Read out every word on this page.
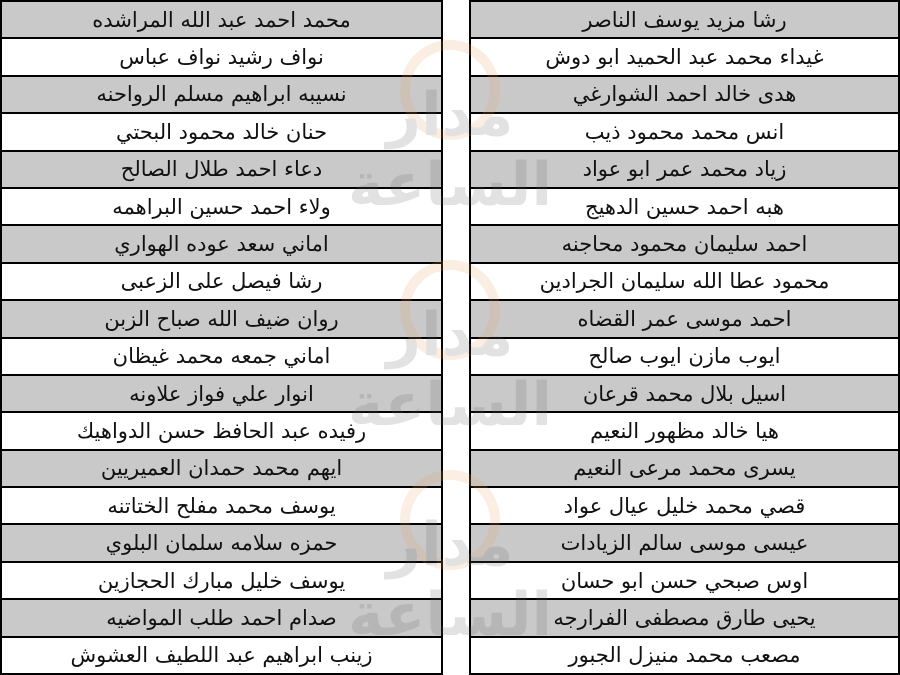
محمد احمد عبد الله المراشده
نواف رشيد نواف عباس
نسيبه ابراهيم مسلم الرواحنه
حنان خالد محمود البحتي
دعاء احمد طلال الصالح
ولاء احمد حسين البراهمه
اماني سعد عوده الهواري
رشا فيصل على الزعبى
روان ضيف الله صباح الزبن
اماني جمعه محمد غيظان
انوار علي فواز علاونه
رفيده عبد الحافظ حسن الدواهيك
ايهم محمد حمدان العميريين
يوسف محمد مفلح الختاتنه
حمزه سلامه سلمان البلوي
يوسف خليل مبارك الحجازين
صدام احمد طلب المواضيه
زينب ابراهيم عبد اللطيف العشوش
رشا مزيد يوسف الناصر
غيداء محمد عبد الحميد ابو دوش
هدى خالد احمد الشوارغي
انس محمد محمود ذيب
زياد محمد عمر ابو عواد
هبه احمد حسين الدهيج
احمد سليمان محمود محاجنه
محمود عطا الله سليمان الجرادين
احمد موسى عمر القضاه
ايوب مازن ايوب صالح
اسيل بلال محمد قرعان
هيا خالد مظهور النعيم
يسرى محمد مرعى النعيم
قصي محمد خليل عيال عواد
عيسى موسى سالم الزيادات
اوس صبحي حسن ابو حسان
يحيى طارق مصطفى الفرارجه
مصعب محمد منيزل الجبور
مدار الساعة
مدار الساعة
مدار الساعة
